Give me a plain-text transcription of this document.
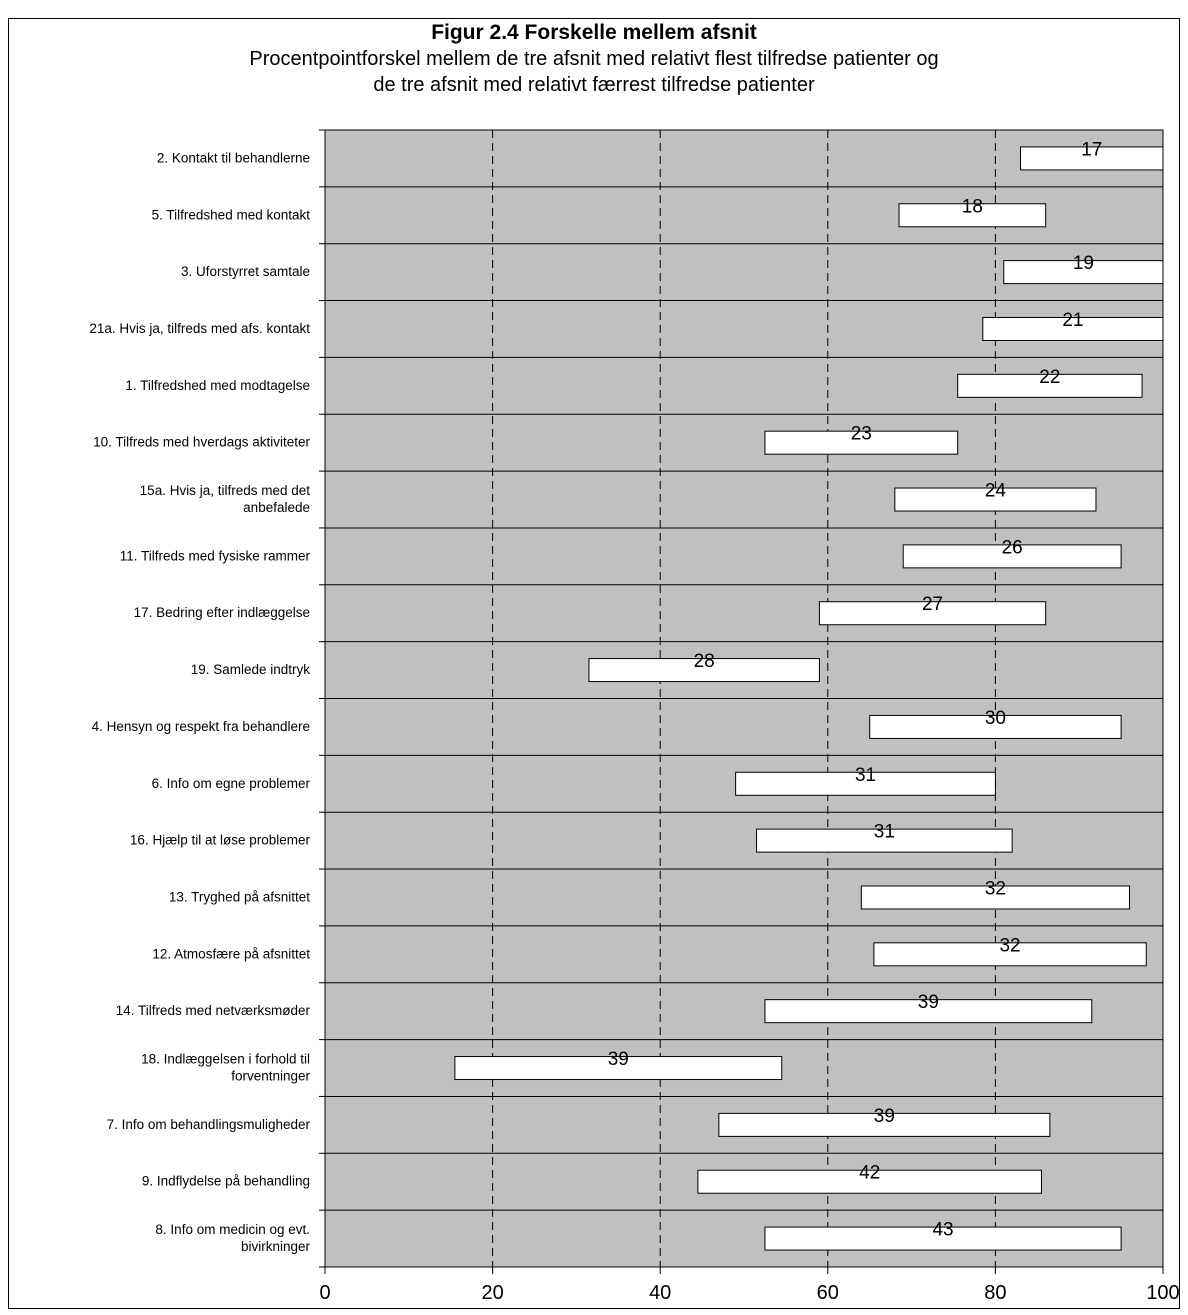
Figur 2.4 Forskelle mellem afsnit
Procentpointforskel mellem de tre afsnit med relativt flest tilfredse patienter og
de tre afsnit med relativt færrest tilfredse patienter
17
2. Kontakt til behandlerne
18
5. Tilfredshed med kontakt
19
3. Uforstyrret samtale
21
21a. Hvis ja, tilfreds med afs. kontakt
22
1. Tilfredshed med modtagelse
23
10. Tilfreds med hverdags aktiviteter
24
15a. Hvis ja, tilfreds med det anbefalede
26
11. Tilfreds med fysiske rammer
27
17. Bedring efter indlæggelse
28
19. Samlede indtryk
30
4. Hensyn og respekt fra behandlere
31
6. Info om egne problemer
31
16. Hjælp til at løse problemer
32
13. Tryghed på afsnittet
32
12. Atmosfære på afsnittet
39
14. Tilfreds med netværksmøder
39
18. Indlæggelsen i forhold til forventninger
39
7. Info om behandlingsmuligheder
42
9. Indflydelse på behandling
43
8. Info om medicin og evt. bivirkninger
0	20	40	60	80	100
